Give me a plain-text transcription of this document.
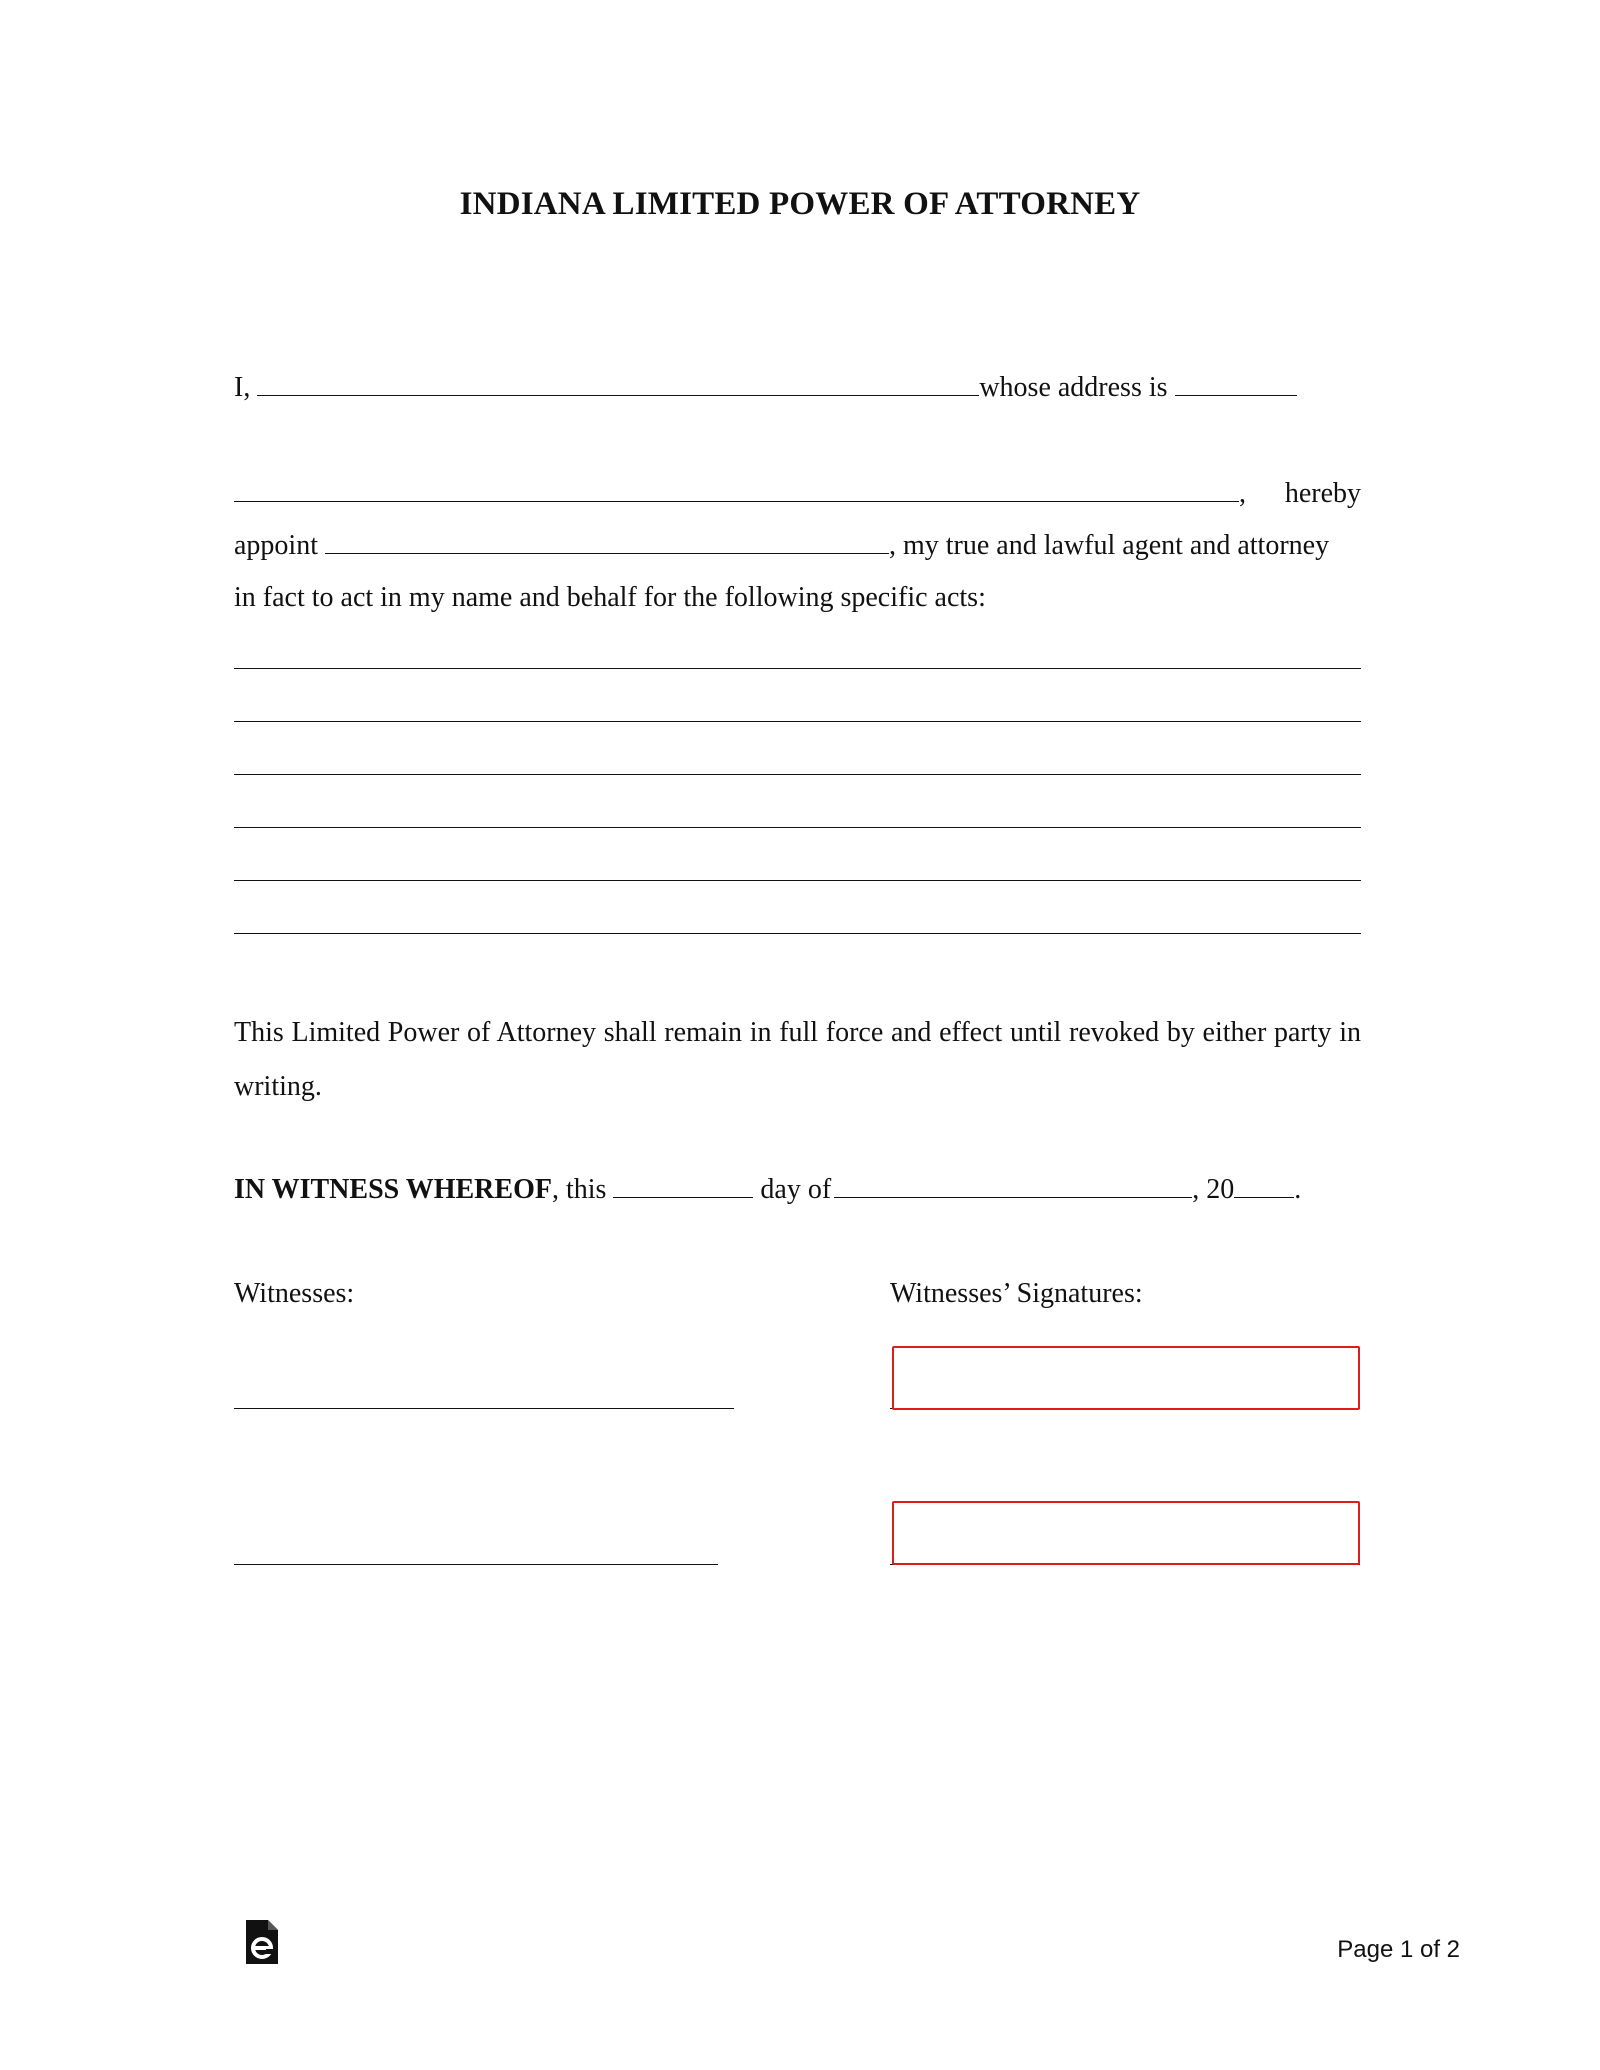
INDIANA LIMITED POWER OF ATTORNEY
I,	whose address is
, hereby
appoint	, my true and lawful agent and attorney
in fact to act in my name and behalf for the following specific acts:
This Limited Power of Attorney shall remain in full force and effect until revoked by either party in writing.
IN WITNESS WHEREOF, this	day of	, 20 .
Witnesses:	Witnesses’ Signatures:
Page 1 of 2
